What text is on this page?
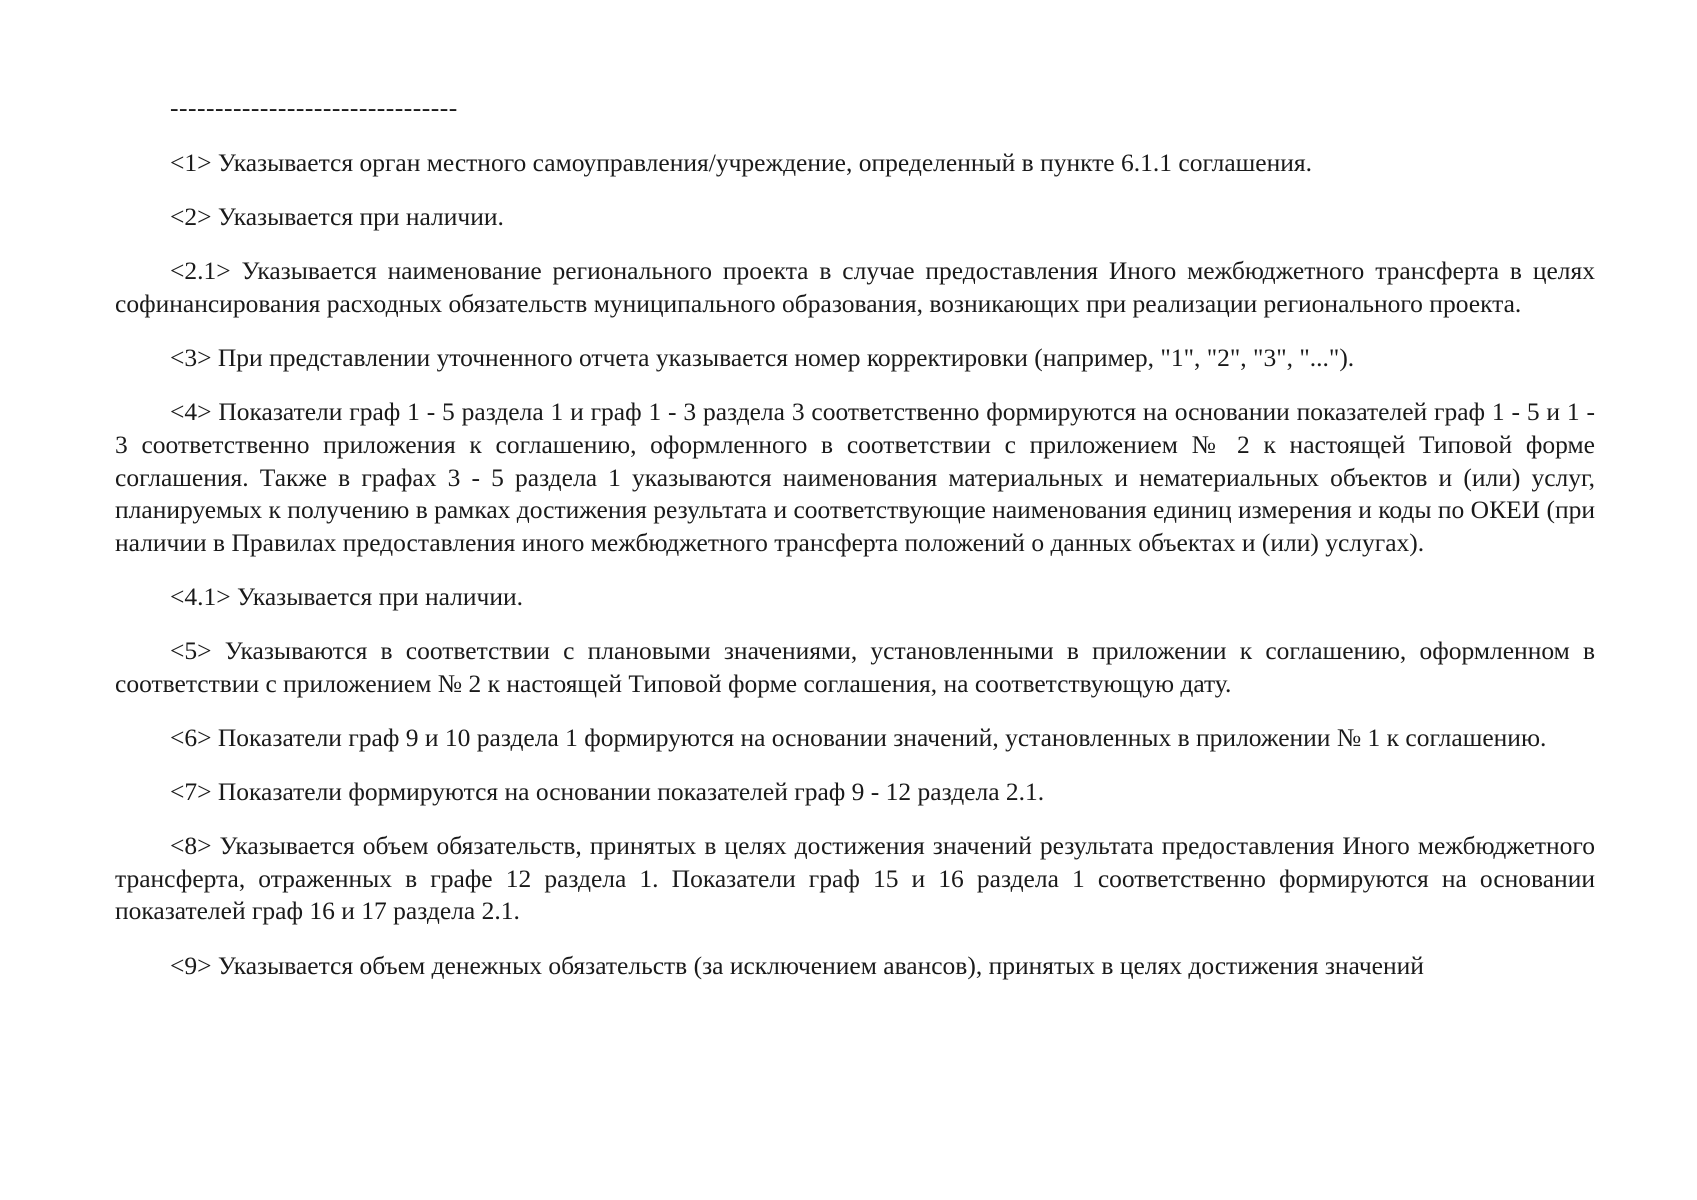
--------------------------------

<1> Указывается орган местного самоуправления/учреждение, определенный в пункте 6.1.1 соглашения.

<2> Указывается при наличии.

<2.1> Указывается наименование регионального проекта в случае предоставления Иного межбюджетного трансферта в целях софинансирования расходных обязательств муниципального образования, возникающих при реализации регионального проекта.

<3> При представлении уточненного отчета указывается номер корректировки (например, "1", "2", "3", "...").

<4> Показатели граф 1 - 5 раздела 1 и граф 1 - 3 раздела 3 соответственно формируются на основании показателей граф 1 - 5 и 1 - 3 соответственно приложения к соглашению, оформленного в соответствии с приложением № 2 к настоящей Типовой форме соглашения. Также в графах 3 - 5 раздела 1 указываются наименования материальных и нематериальных объектов и (или) услуг, планируемых к получению в рамках достижения результата и соответствующие наименования единиц измерения и коды по ОКЕИ (при наличии в Правилах предоставления иного межбюджетного трансферта положений о данных объектах и (или) услугах).

<4.1> Указывается при наличии.

<5> Указываются в соответствии с плановыми значениями, установленными в приложении к соглашению, оформленном в соответствии с приложением № 2 к настоящей Типовой форме соглашения, на соответствующую дату.

<6> Показатели граф 9 и 10 раздела 1 формируются на основании значений, установленных в приложении № 1 к соглашению.

<7> Показатели формируются на основании показателей граф 9 - 12 раздела 2.1.

<8> Указывается объем обязательств, принятых в целях достижения значений результата предоставления Иного межбюджетного трансферта, отраженных в графе 12 раздела 1. Показатели граф 15 и 16 раздела 1 соответственно формируются на основании показателей граф 16 и 17 раздела 2.1.

<9> Указывается объем денежных обязательств (за исключением авансов), принятых в целях достижения значений
